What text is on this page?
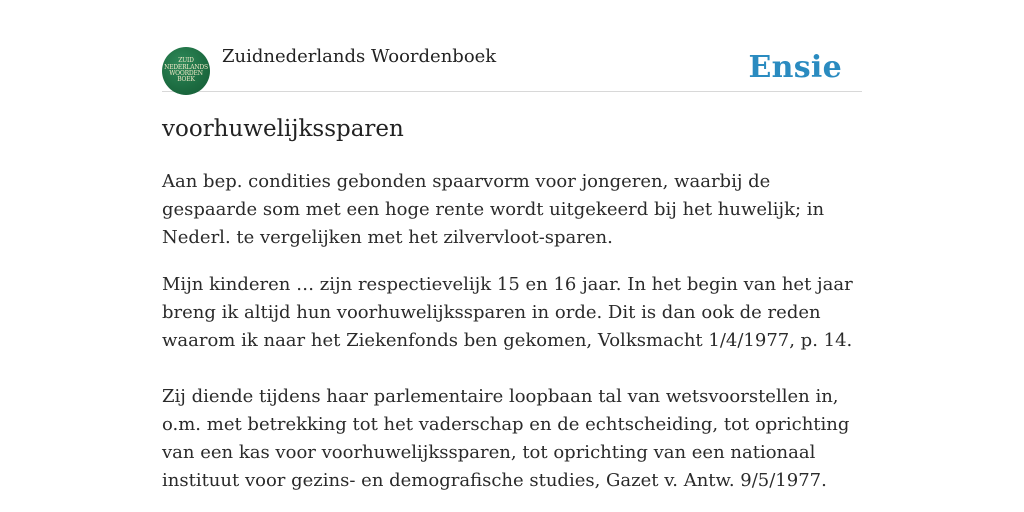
ZUID
NEDERLANDS
WOORDEN
BOEK
Zuidnederlands Woordenboek	Ensie
voorhuwelijkssparen
Aan bep. condities gebonden spaarvorm voor jongeren, waarbij de gespaarde som met een hoge rente wordt uitgekeerd bij het huwelijk; in Nederl. te vergelijken met het zilvervloot-sparen.
Mijn kinderen … zijn respectievelijk 15 en 16 jaar. In het begin van het jaar breng ik altijd hun voorhuwelijkssparen in orde. Dit is dan ook de reden waarom ik naar het Ziekenfonds ben gekomen, Volksmacht 1/4/1977, p. 14.
Zij diende tijdens haar parlementaire loopbaan tal van wetsvoorstellen in, o.m. met betrekking tot het vaderschap en de echtscheiding, tot oprichting van een kas voor voorhuwelijkssparen, tot oprichting van een nationaal instituut voor gezins- en demografische studies, Gazet v. Antw. 9/5/1977.
